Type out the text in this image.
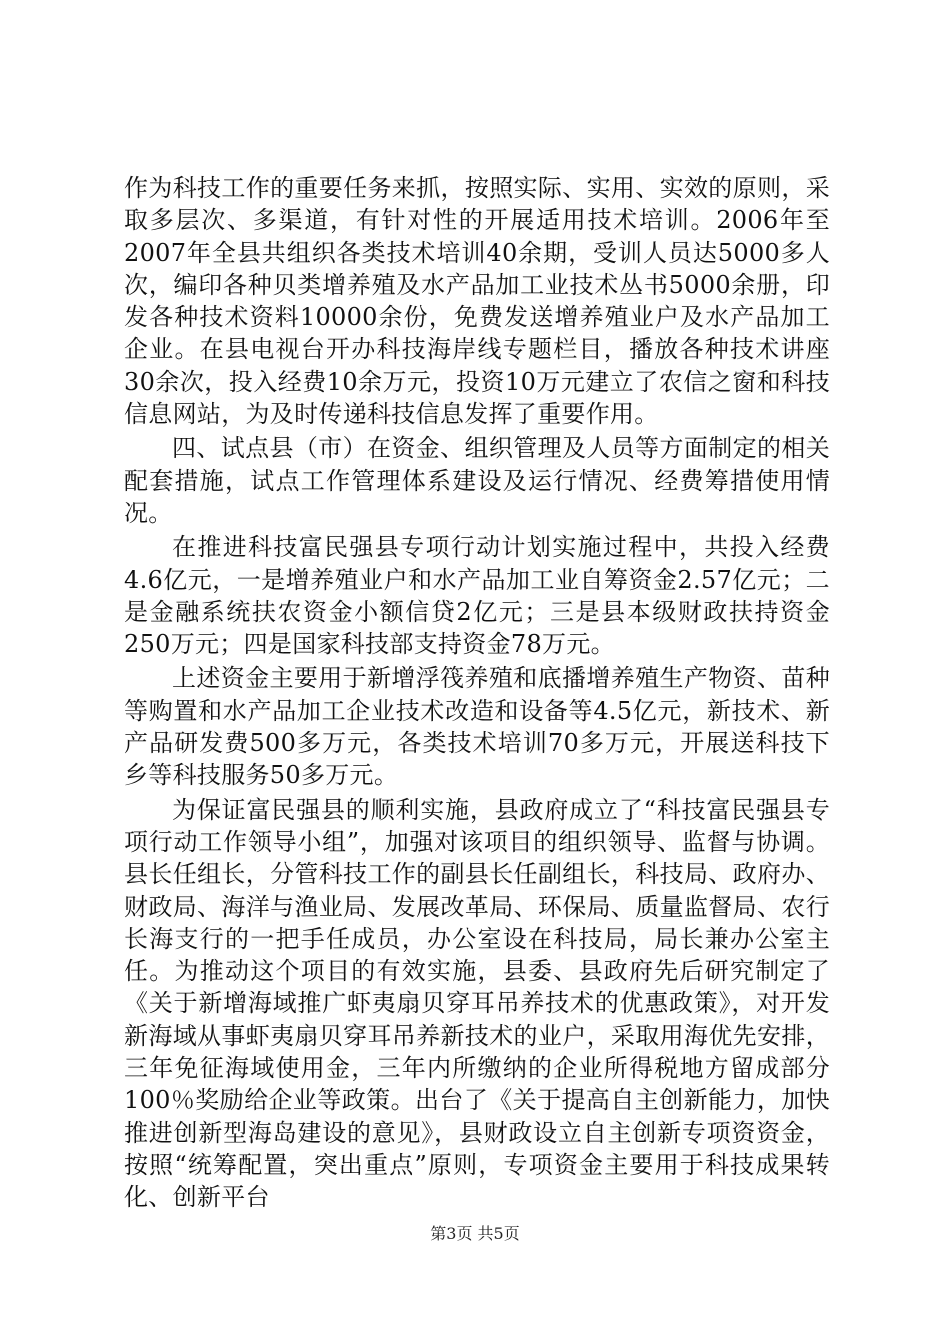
作为科技工作的重要任务来抓，按照实际、实用、实效的原则，采取多层次、多渠道，有针对性的开展适用技术培训。2006年至2007年全县共组织各类技术培训40余期，受训人员达5000多人次，编印各种贝类增养殖及水产品加工业技术丛书5000余册，印发各种技术资料10000余份，免费发送增养殖业户及水产品加工企业。在县电视台开办科技海岸线专题栏目，播放各种技术讲座30余次，投入经费10余万元，投资10万元建立了农信之窗和科技信息网站，为及时传递科技信息发挥了重要作用。

四、试点县（市）在资金、组织管理及人员等方面制定的相关配套措施，试点工作管理体系建设及运行情况、经费筹措使用情况。

在推进科技富民强县专项行动计划实施过程中，共投入经费4.6亿元，一是增养殖业户和水产品加工业自筹资金2.57亿元；二是金融系统扶农资金小额信贷2亿元；三是县本级财政扶持资金250万元；四是国家科技部支持资金78万元。

上述资金主要用于新增浮筏养殖和底播增养殖生产物资、苗种等购置和水产品加工企业技术改造和设备等4.5亿元，新技术、新产品研发费500多万元，各类技术培训70多万元，开展送科技下乡等科技服务50多万元。

为保证富民强县的顺利实施，县政府成立了“科技富民强县专项行动工作领导小组”，加强对该项目的组织领导、监督与协调。县长任组长，分管科技工作的副县长任副组长，科技局、政府办、财政局、海洋与渔业局、发展改革局、环保局、质量监督局、农行长海支行的一把手任成员，办公室设在科技局，局长兼办公室主任。为推动这个项目的有效实施，县委、县政府先后研究制定了《关于新增海域推广虾夷扇贝穿耳吊养技术的优惠政策》，对开发新海域从事虾夷扇贝穿耳吊养新技术的业户，采取用海优先安排，三年免征海域使用金，三年内所缴纳的企业所得税地方留成部分100％奖励给企业等政策。出台了《关于提高自主创新能力，加快推进创新型海岛建设的意见》，县财政设立自主创新专项资资金，按照“统筹配置，突出重点”原则，专项资金主要用于科技成果转化、创新平台

第3页 共5页
